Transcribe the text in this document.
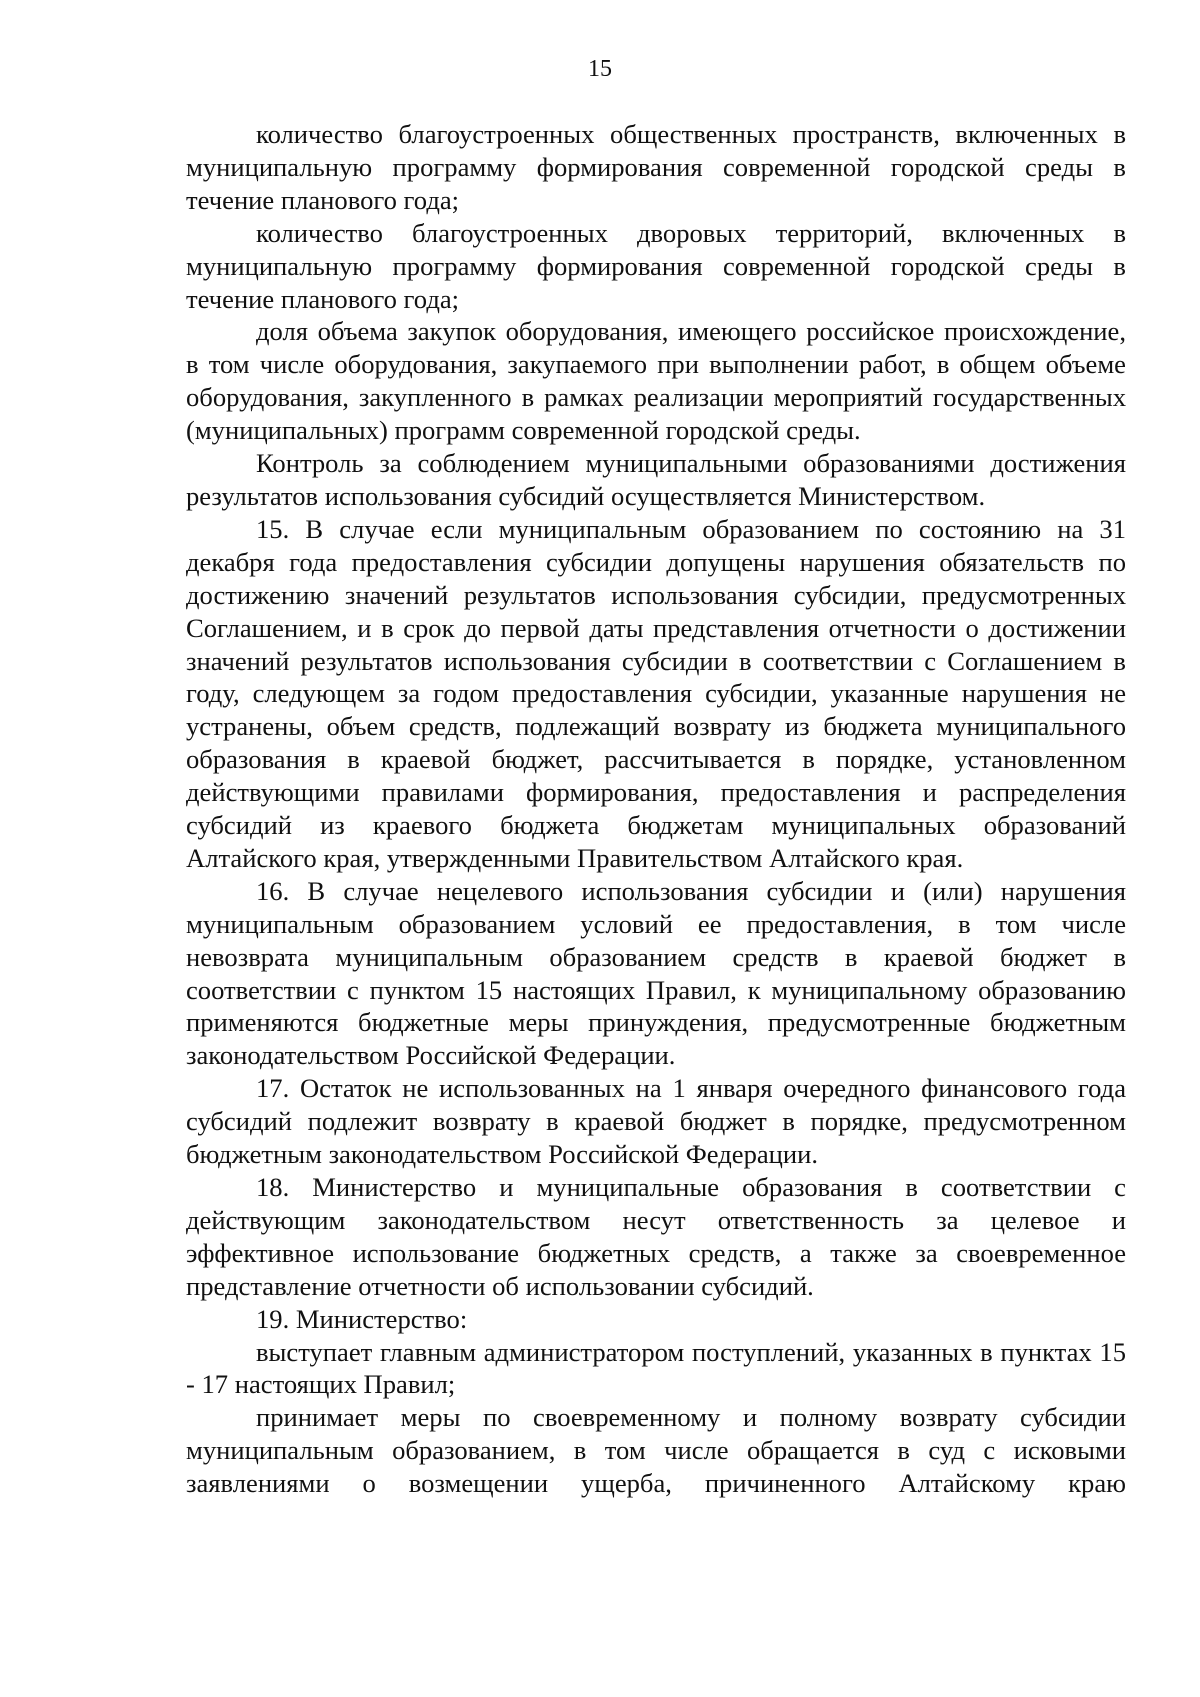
15

количество благоустроенных общественных пространств, включенных в муниципальную программу формирования современной городской среды в течение планового года;

количество благоустроенных дворовых территорий, включенных в муниципальную программу формирования современной городской среды в течение планового года;

доля объема закупок оборудования, имеющего российское происхождение, в том числе оборудования, закупаемого при выполнении работ, в общем объеме оборудования, закупленного в рамках реализации мероприятий государственных (муниципальных) программ современной городской среды.

Контроль за соблюдением муниципальными образованиями достижения результатов использования субсидий осуществляется Министерством.

15. В случае если муниципальным образованием по состоянию на 31 декабря года предоставления субсидии допущены нарушения обязательств по достижению значений результатов использования субсидии, предусмотренных Соглашением, и в срок до первой даты представления отчетности о достижении значений результатов использования субсидии в соответствии с Соглашением в году, следующем за годом предоставления субсидии, указанные нарушения не устранены, объем средств, подлежащий возврату из бюджета муниципального образования в краевой бюджет, рассчитывается в порядке, установленном действующими правилами формирования, предоставления и распределения субсидий из краевого бюджета бюджетам муниципальных образований Алтайского края, утвержденными Правительством Алтайского края.

16. В случае нецелевого использования субсидии и (или) нарушения муниципальным образованием условий ее предоставления, в том числе невозврата муниципальным образованием средств в краевой бюджет в соответствии с пунктом 15 настоящих Правил, к муниципальному образованию применяются бюджетные меры принуждения, предусмотренные бюджетным законодательством Российской Федерации.

17. Остаток не использованных на 1 января очередного финансового года субсидий подлежит возврату в краевой бюджет в порядке, предусмотренном бюджетным законодательством Российской Федерации.

18. Министерство и муниципальные образования в соответствии с действующим законодательством несут ответственность за целевое и эффективное использование бюджетных средств, а также за своевременное представление отчетности об использовании субсидий.

19. Министерство:

выступает главным администратором поступлений, указанных в пунктах 15 - 17 настоящих Правил;

принимает меры по своевременному и полному возврату субсидии муниципальным образованием, в том числе обращается в суд с исковыми заявлениями о возмещении ущерба, причиненного Алтайскому краю
